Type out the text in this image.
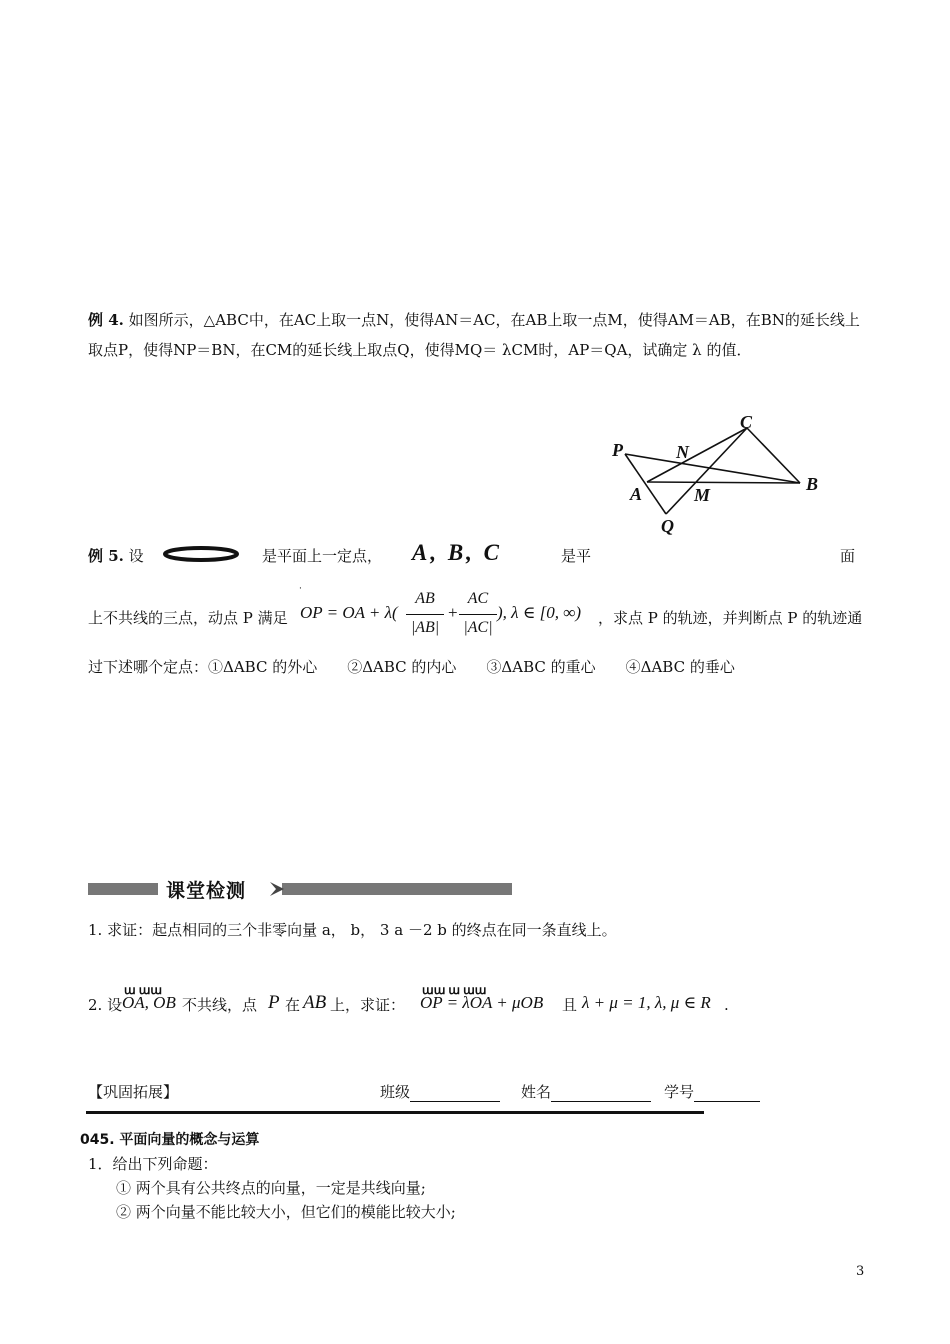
例 4. 如图所示，△ABC中，在AC上取一点N，使得AN＝AC，在AB上取一点M，使得AM＝AB，在BN的延长线上
取点P，使得NP＝BN，在CM的延长线上取点Q，使得MQ＝ λCM时，AP＝QA，试确定 λ 的值．
C
P	N
A	M
B
Q
例 5. 设	是平面上一定点， A, B, C	是平	面
上不共线的三点，动点 P 满足
·
OP = OA + λ(
AB
|AB|
+
AC
|AC|
), λ ∈ [0, ∞) ，求点 P 的轨迹，并判断点 P 的轨迹通
过下述哪个定点：①ΔABC 的外心　　②ΔABC 的内心　　③ΔABC 的重心　　④ΔABC 的垂心
课堂检测
1. 求证：起点相同的三个非零向量 a， b， 3 a －2 b 的终点在同一条直线上。
2. 设
ա աա
OA, OB 不共线，点 P 在 AB 上，求证：
աա ա աա
OP = λOA + μOB 且 λ + μ = 1, λ, μ ∈ R .
【巩固拓展】	班级	姓名	学号
045. 平面向量的概念与运算
1．给出下列命题：
① 两个具有公共终点的向量，一定是共线向量;
② 两个向量不能比较大小，但它们的模能比较大小;
3
